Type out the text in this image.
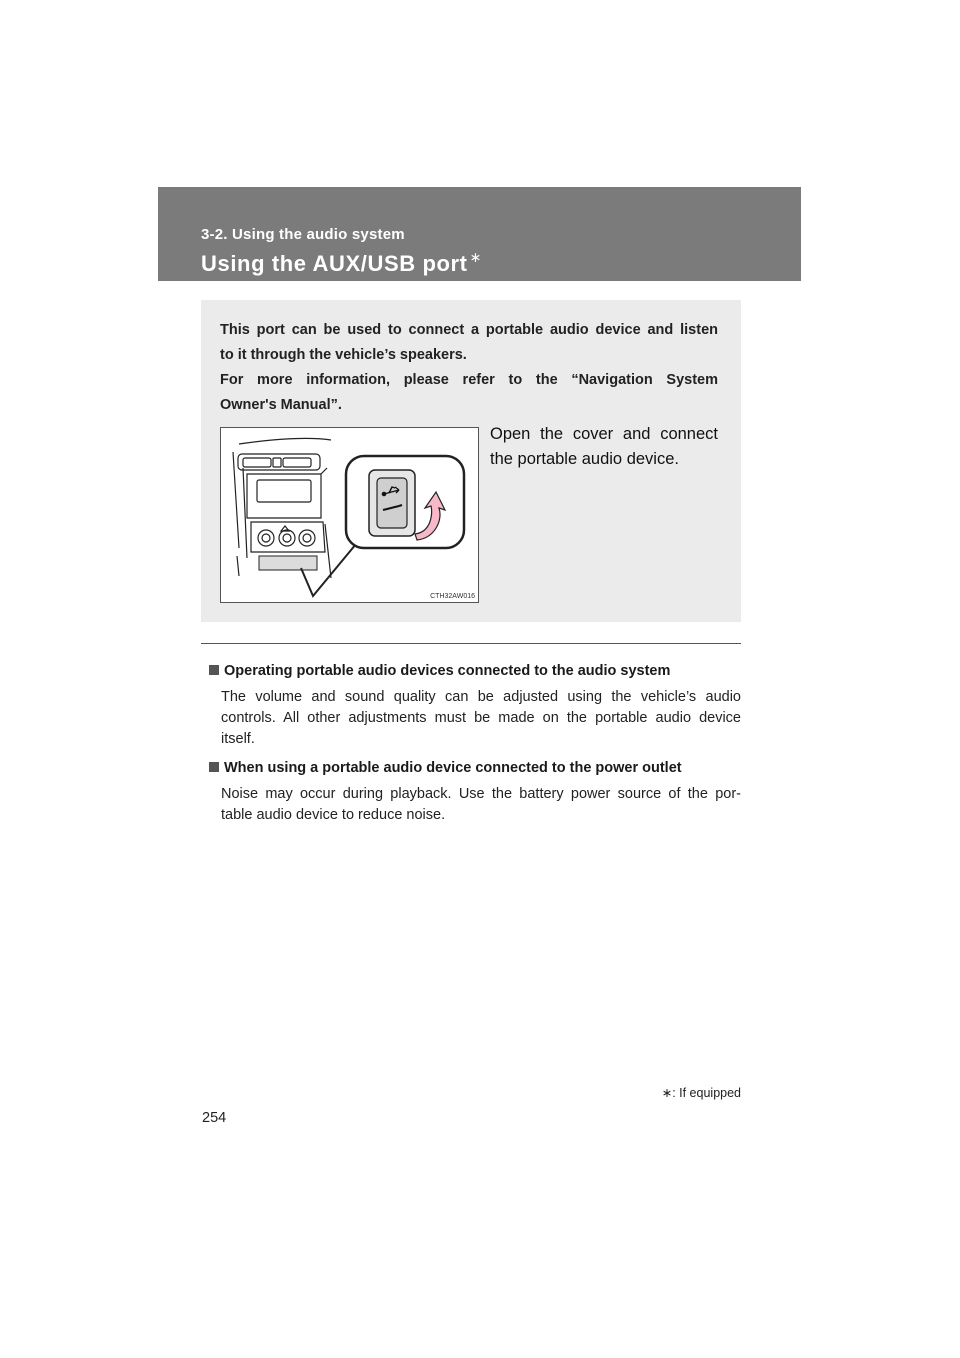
3-2. Using the audio system
Using the AUX/USB port ∗

This port can be used to connect a portable audio device and listen

to it through the vehicle’s speakers.

For more information, please refer to the “Navigation System

Owner's Manual”.

CTH32AW016

Open the cover and connect

the portable audio device.

Operating portable audio devices connected to the audio system

The volume and sound quality can be adjusted using the vehicle’s audio

controls. All other adjustments must be made on the portable audio device

itself.

When using a portable audio device connected to the power outlet

Noise may occur during playback. Use the battery power source of the por-

table audio device to reduce noise.

∗: If equipped
254
